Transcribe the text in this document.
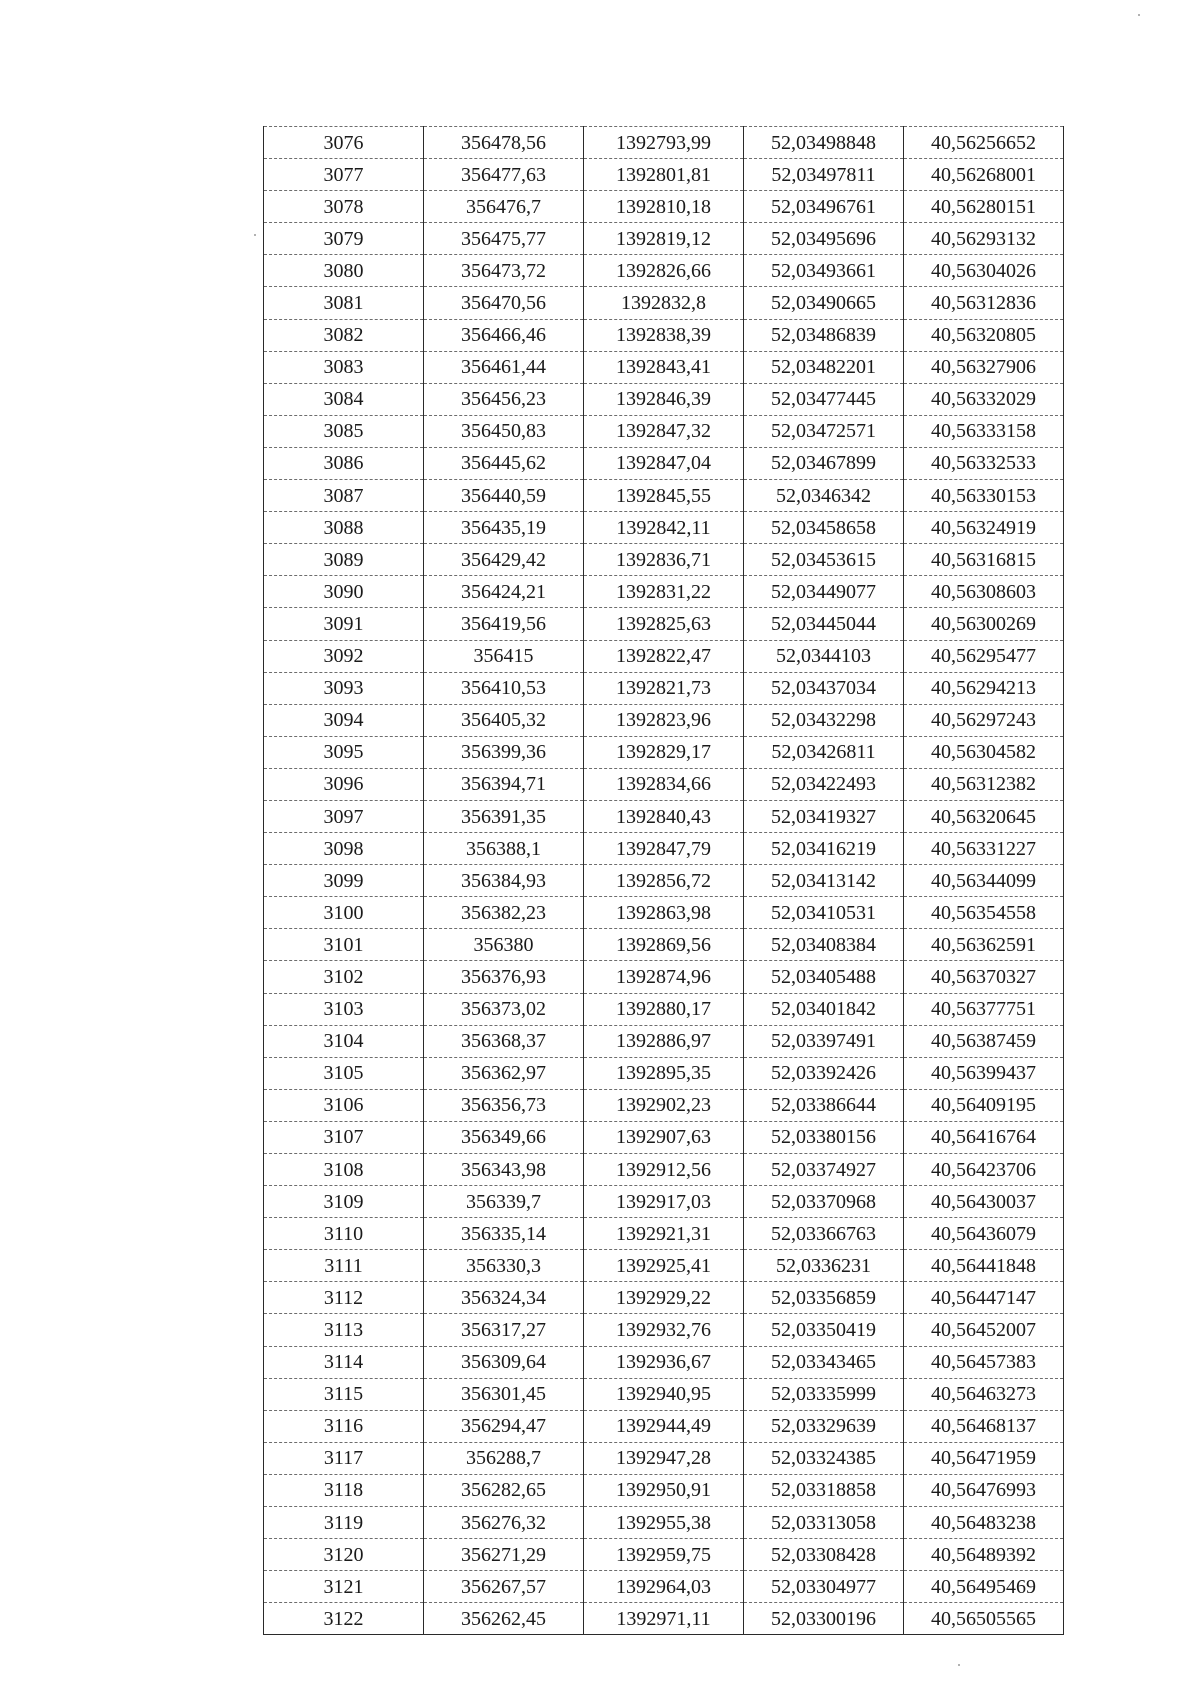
3076	356478,56	1392793,99	52,03498848	40,56256652
3077	356477,63	1392801,81	52,03497811	40,56268001
3078	356476,7	1392810,18	52,03496761	40,56280151
3079	356475,77	1392819,12	52,03495696	40,56293132
3080	356473,72	1392826,66	52,03493661	40,56304026
3081	356470,56	1392832,8	52,03490665	40,56312836
3082	356466,46	1392838,39	52,03486839	40,56320805
3083	356461,44	1392843,41	52,03482201	40,56327906
3084	356456,23	1392846,39	52,03477445	40,56332029
3085	356450,83	1392847,32	52,03472571	40,56333158
3086	356445,62	1392847,04	52,03467899	40,56332533
3087	356440,59	1392845,55	52,0346342	40,56330153
3088	356435,19	1392842,11	52,03458658	40,56324919
3089	356429,42	1392836,71	52,03453615	40,56316815
3090	356424,21	1392831,22	52,03449077	40,56308603
3091	356419,56	1392825,63	52,03445044	40,56300269
3092	356415	1392822,47	52,0344103	40,56295477
3093	356410,53	1392821,73	52,03437034	40,56294213
3094	356405,32	1392823,96	52,03432298	40,56297243
3095	356399,36	1392829,17	52,03426811	40,56304582
3096	356394,71	1392834,66	52,03422493	40,56312382
3097	356391,35	1392840,43	52,03419327	40,56320645
3098	356388,1	1392847,79	52,03416219	40,56331227
3099	356384,93	1392856,72	52,03413142	40,56344099
3100	356382,23	1392863,98	52,03410531	40,56354558
3101	356380	1392869,56	52,03408384	40,56362591
3102	356376,93	1392874,96	52,03405488	40,56370327
3103	356373,02	1392880,17	52,03401842	40,56377751
3104	356368,37	1392886,97	52,03397491	40,56387459
3105	356362,97	1392895,35	52,03392426	40,56399437
3106	356356,73	1392902,23	52,03386644	40,56409195
3107	356349,66	1392907,63	52,03380156	40,56416764
3108	356343,98	1392912,56	52,03374927	40,56423706
3109	356339,7	1392917,03	52,03370968	40,56430037
3110	356335,14	1392921,31	52,03366763	40,56436079
3111	356330,3	1392925,41	52,0336231	40,56441848
3112	356324,34	1392929,22	52,03356859	40,56447147
3113	356317,27	1392932,76	52,03350419	40,56452007
3114	356309,64	1392936,67	52,03343465	40,56457383
3115	356301,45	1392940,95	52,03335999	40,56463273
3116	356294,47	1392944,49	52,03329639	40,56468137
3117	356288,7	1392947,28	52,03324385	40,56471959
3118	356282,65	1392950,91	52,03318858	40,56476993
3119	356276,32	1392955,38	52,03313058	40,56483238
3120	356271,29	1392959,75	52,03308428	40,56489392
3121	356267,57	1392964,03	52,03304977	40,56495469
3122	356262,45	1392971,11	52,03300196	40,56505565
